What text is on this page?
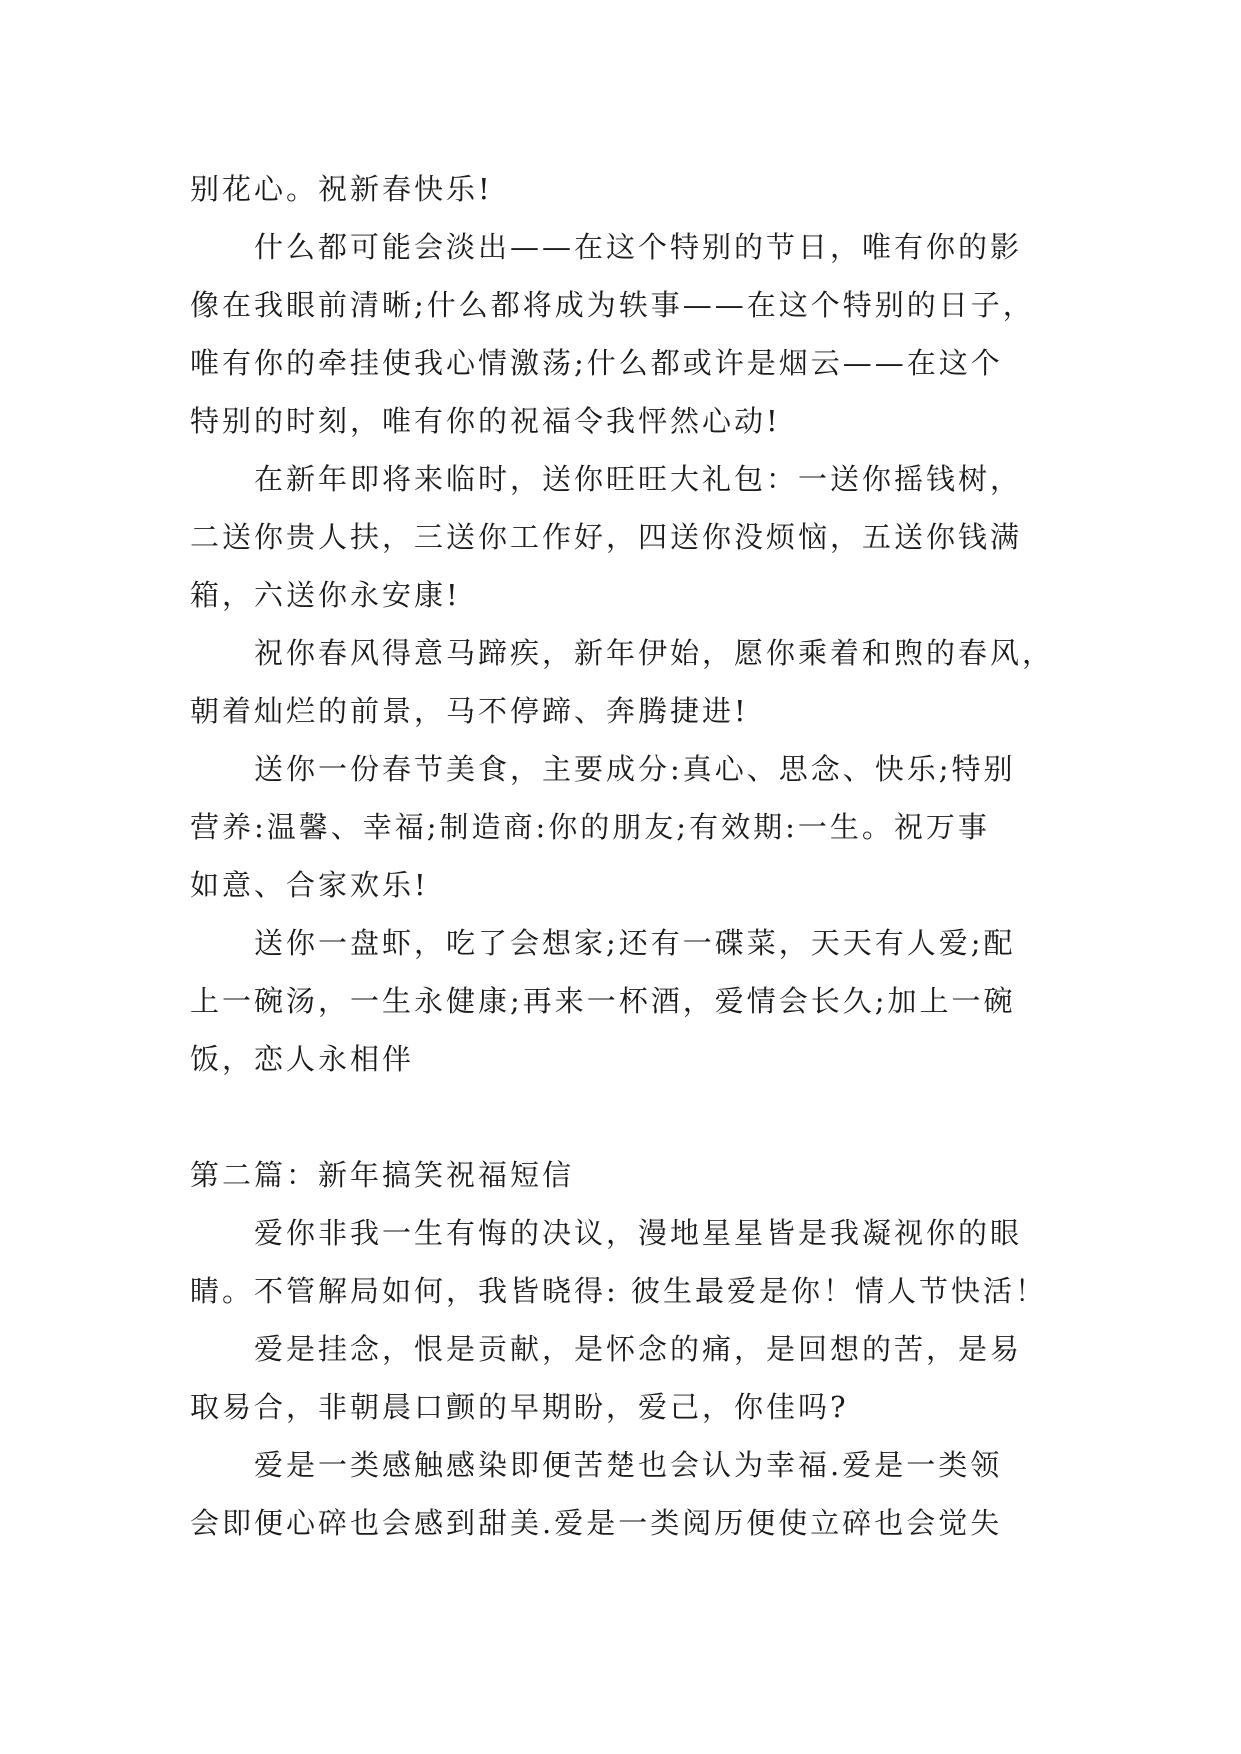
别花心。祝新春快乐!
什么都可能会淡出——在这个特别的节日，唯有你的影
像在我眼前清晰;什么都将成为轶事——在这个特别的日子，
唯有你的牵挂使我心情激荡;什么都或许是烟云——在这个
特别的时刻，唯有你的祝福令我怦然心动!
在新年即将来临时，送你旺旺大礼包：一送你摇钱树，
二送你贵人扶，三送你工作好，四送你没烦恼，五送你钱满
箱，六送你永安康!
祝你春风得意马蹄疾，新年伊始，愿你乘着和煦的春风，
朝着灿烂的前景，马不停蹄、奔腾捷进!
送你一份春节美食，主要成分:真心、思念、快乐;特别
营养:温馨、幸福;制造商:你的朋友;有效期:一生。祝万事
如意、合家欢乐!
送你一盘虾，吃了会想家;还有一碟菜，天天有人爱;配
上一碗汤，一生永健康;再来一杯酒，爱情会长久;加上一碗
饭，恋人永相伴
第二篇：新年搞笑祝福短信
爱你非我一生有悔的决议，漫地星星皆是我凝视你的眼
睛。不管解局如何，我皆晓得: 彼生最爱是你！情人节快活！
爱是挂念，恨是贡献，是怀念的痛，是回想的苦，是易
取易合，非朝晨口颤的早期盼，爱己，你佳吗?
爱是一类感触感染即便苦楚也会认为幸福.爱是一类领
会即便心碎也会感到甜美.爱是一类阅历便使立碎也会觉失
